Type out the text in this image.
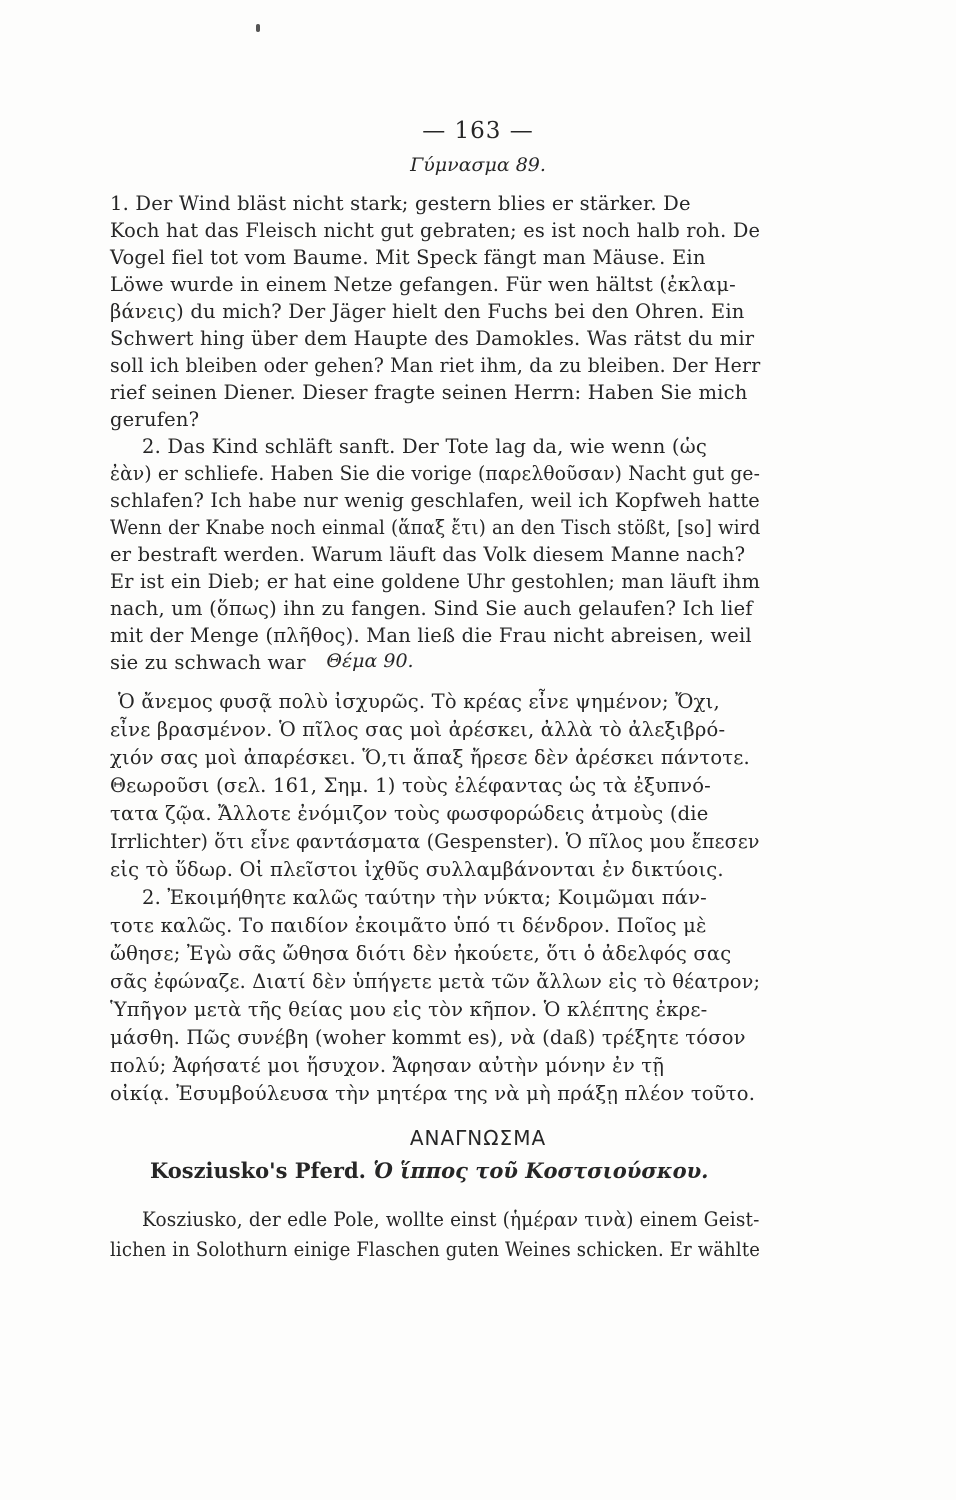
— 163 —
Γύμνασμα 89.
1. Der Wind bläst nicht stark; gestern blies er stärker. De
Koch hat das Fleisch nicht gut gebraten; es ist noch halb roh. De
Vogel fiel tot vom Baume. Mit Speck fängt man Mäuse. Ein
Löwe wurde in einem Netze gefangen. Für wen hältst (ἐκλαμ-
βάνεις) du mich? Der Jäger hielt den Fuchs bei den Ohren. Ein
Schwert hing über dem Haupte des Damokles. Was rätst du mir
soll ich bleiben oder gehen? Man riet ihm, da zu bleiben. Der Herr
rief seinen Diener. Dieser fragte seinen Herrn: Haben Sie mich
gerufen?
2. Das Kind schläft sanft. Der Tote lag da, wie wenn (ὡς
ἐὰν) er schliefe. Haben Sie die vorige (παρελθοῦσαν) Nacht gut ge-
schlafen? Ich habe nur wenig geschlafen, weil ich Kopfweh hatte
Wenn der Knabe noch einmal (ἅπαξ ἔτι) an den Tisch stößt, [so] wird
er bestraft werden. Warum läuft das Volk diesem Manne nach?
Er ist ein Dieb; er hat eine goldene Uhr gestohlen; man läuft ihm
nach, um (ὅπως) ihn zu fangen. Sind Sie auch gelaufen? Ich lief
mit der Menge (πλῆθος). Man ließ die Frau nicht abreisen, weil
sie zu schwach war	Θέμα 90.
Ὁ ἄνεμος φυσᾷ πολὺ ἰσχυρῶς. Τὸ κρέας εἶνε ψημένον; Ὄχι,
εἶνε βρασμένον. Ὁ πῖλος σας μοὶ ἀρέσκει, ἀλλὰ τὸ ἀλεξιβρό-
χιόν σας μοὶ ἀπαρέσκει. Ὅ,τι ἅπαξ ἤρεσε δὲν ἀρέσκει πάντοτε.
Θεωροῦσι (σελ. 161, Σημ. 1) τοὺς ἐλέφαντας ὡς τὰ ἐξυπνό-
τατα ζῷα. Ἄλλοτε ἐνόμιζον τοὺς φωσφορώδεις ἀτμοὺς (die
Irrlichter) ὅτι εἶνε φαντάσματα (Gespenster). Ὁ πῖλος μου ἔπεσεν
εἰς τὸ ὕδωρ. Οἱ πλεῖστοι ἰχθῦς συλλαμβάνονται ἐν δικτύοις.
2. Ἐκοιμήθητε καλῶς ταύτην τὴν νύκτα; Κοιμῶμαι πάν-
τοτε καλῶς. Το παιδίον ἐκοιμᾶτο ὑπό τι δένδρον. Ποῖος μὲ
ὤθησε; Ἐγὼ σᾶς ὤθησα διότι δὲν ἠκούετε, ὅτι ὁ ἀδελφός σας
σᾶς ἐφώναζε. Διατί δὲν ὑπήγετε μετὰ τῶν ἄλλων εἰς τὸ θέατρον;
Ὑπῆγον μετὰ τῆς θείας μου εἰς τὸν κῆπον. Ὁ κλέπτης ἐκρε-
μάσθη. Πῶς συνέβη (woher kommt es), νὰ (daß) τρέξητε τόσον
πολύ; Ἀφήσατέ μοι ἥσυχον. Ἄφησαν αὐτὴν μόνην ἐν τῇ
οἰκίᾳ. Ἐσυμβούλευσα τὴν μητέρα της νὰ μὴ πράξῃ πλέον τοῦτο.
ΑΝΑΓΝΩΣΜΑ
Kosziusko's Pferd. Ὁ ἵππος τοῦ Κοστσιούσκου.
Kosziusko, der edle Pole, wollte einst (ἡμέραν τινὰ) einem Geist-
lichen in Solothurn einige Flaschen guten Weines schicken. Er wählte
